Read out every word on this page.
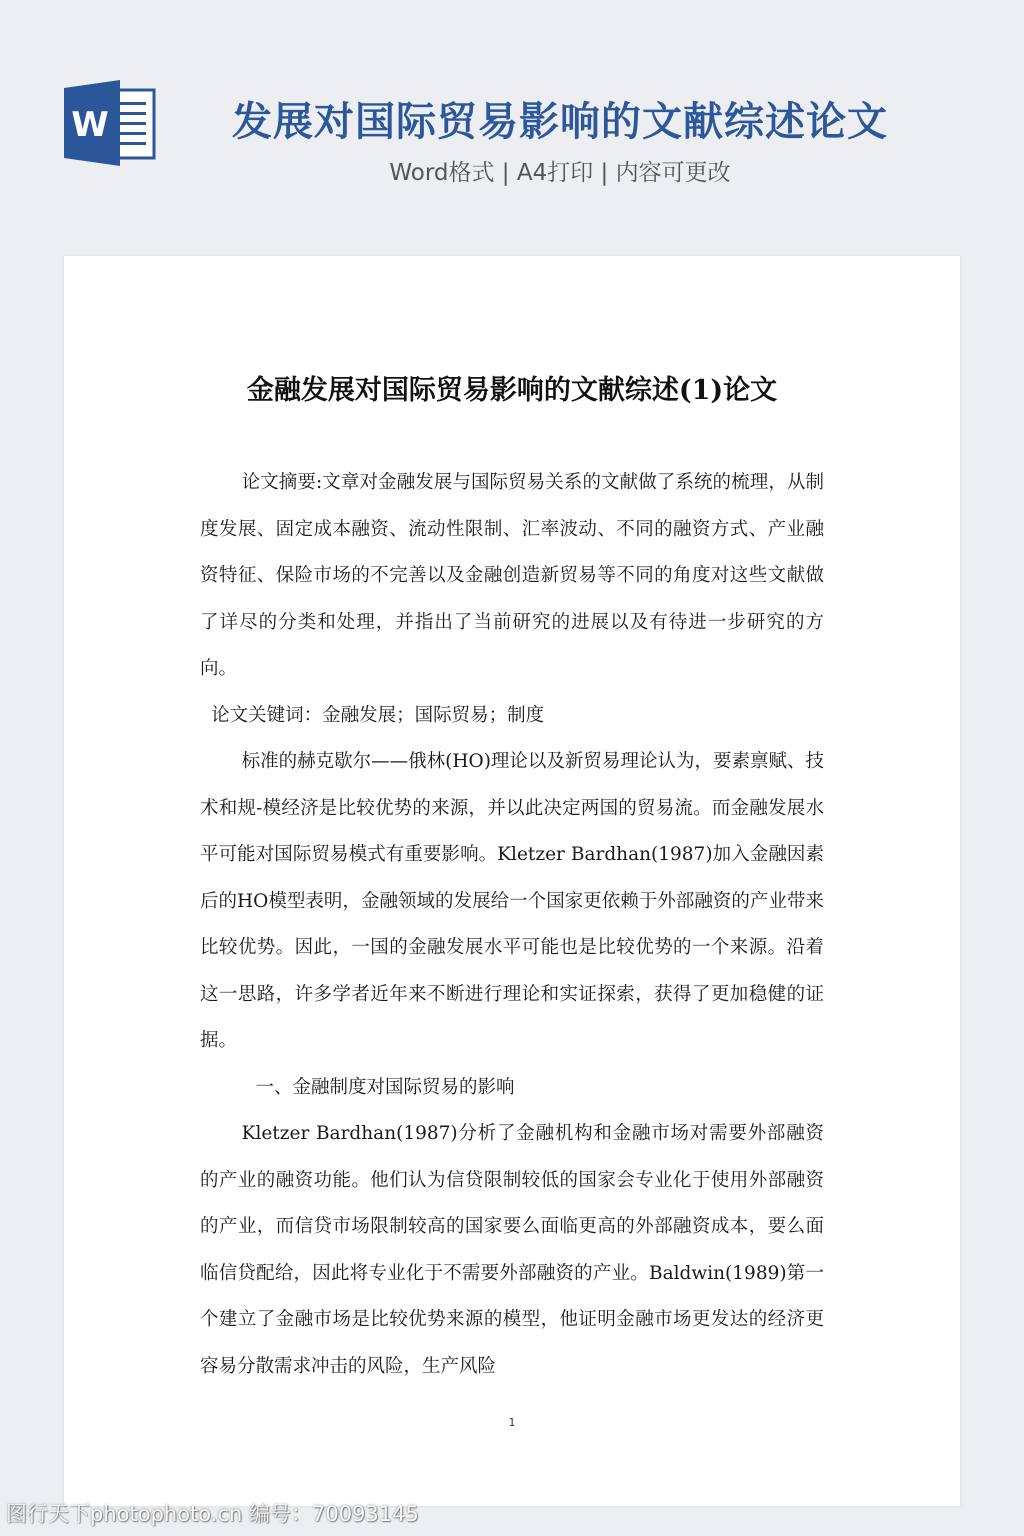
W	发展对国际贸易影响的文献综述论文
Word格式 | A4打印 | 内容可更改
金融发展对国际贸易影响的文献综述(1)论文

论文摘要:文章对金融发展与国际贸易关系的文献做了系统的梳理，从制度发展、固定成本融资、流动性限制、汇率波动、不同的融资方式、产业融资特征、保险市场的不完善以及金融创造新贸易等不同的角度对这些文献做了详尽的分类和处理，并指出了当前研究的进展以及有待进一步研究的方向。

论文关键词：金融发展；国际贸易；制度

标准的赫克歇尔——俄林(HO)理论以及新贸易理论认为，要素禀赋、技术和规-模经济是比较优势的来源，并以此决定两国的贸易流。而金融发展水平可能对国际贸易模式有重要影响。Kletzer Bardhan(1987)加入金融因素后的HO模型表明，金融领域的发展给一个国家更依赖于外部融资的产业带来比较优势。因此，一国的金融发展水平可能也是比较优势的一个来源。沿着这一思路，许多学者近年来不断进行理论和实证探索，获得了更加稳健的证据。

一、金融制度对国际贸易的影响

Kletzer Bardhan(1987)分析了金融机构和金融市场对需要外部融资的产业的融资功能。他们认为信贷限制较低的国家会专业化于使用外部融资的产业，而信贷市场限制较高的国家要么面临更高的外部融资成本，要么面临信贷配给，因此将专业化于不需要外部融资的产业。Baldwin(1989)第一个建立了金融市场是比较优势来源的模型，他证明金融市场更发达的经济更容易分散需求冲击的风险，生产风险

1
图行天下photophoto.cn 编号：70093145
